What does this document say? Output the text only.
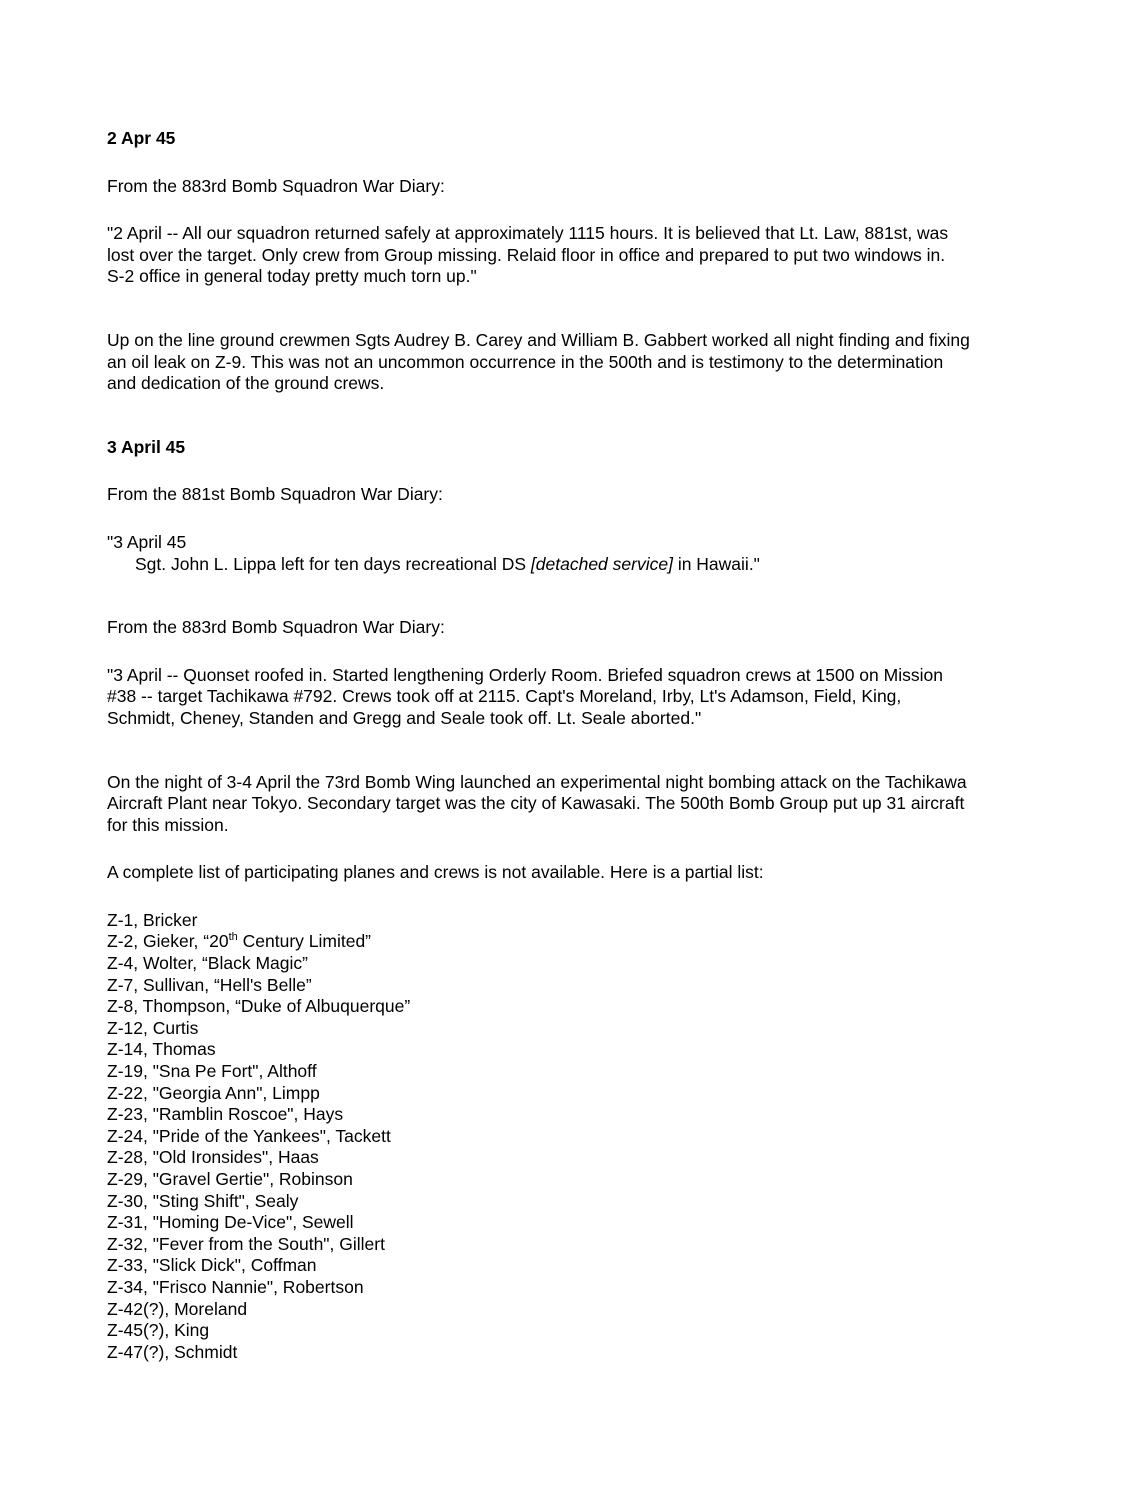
2 Apr 45

From the 883rd Bomb Squadron War Diary:

"2 April -- All our squadron returned safely at approximately 1115 hours. It is believed that Lt. Law, 881st, was

lost over the target. Only crew from Group missing. Relaid floor in office and prepared to put two windows in.

S-2 office in general today pretty much torn up."

Up on the line ground crewmen Sgts Audrey B. Carey and William B. Gabbert worked all night finding and fixing

an oil leak on Z-9. This was not an uncommon occurrence in the 500th and is testimony to the determination

and dedication of the ground crews.

3 April 45

From the 881st Bomb Squadron War Diary:

"3 April 45

Sgt. John L. Lippa left for ten days recreational DS [detached service] in Hawaii."

From the 883rd Bomb Squadron War Diary:

"3 April -- Quonset roofed in. Started lengthening Orderly Room. Briefed squadron crews at 1500 on Mission

#38 -- target Tachikawa #792. Crews took off at 2115. Capt's Moreland, Irby, Lt's Adamson, Field, King,

Schmidt, Cheney, Standen and Gregg and Seale took off. Lt. Seale aborted."

On the night of 3-4 April the 73rd Bomb Wing launched an experimental night bombing attack on the Tachikawa

Aircraft Plant near Tokyo. Secondary target was the city of Kawasaki. The 500th Bomb Group put up 31 aircraft

for this mission.

A complete list of participating planes and crews is not available. Here is a partial list:

Z-1, Bricker
Z-2, Gieker, “20th Century Limited”
Z-4, Wolter, “Black Magic”
Z-7, Sullivan, “Hell's Belle”
Z-8, Thompson, “Duke of Albuquerque”
Z-12, Curtis
Z-14, Thomas
Z-19, "Sna Pe Fort", Althoff
Z-22, "Georgia Ann", Limpp
Z-23, "Ramblin Roscoe", Hays
Z-24, "Pride of the Yankees", Tackett
Z-28, "Old Ironsides", Haas
Z-29, "Gravel Gertie", Robinson
Z-30, "Sting Shift", Sealy
Z-31, "Homing De-Vice", Sewell
Z-32, "Fever from the South", Gillert
Z-33, "Slick Dick", Coffman
Z-34, "Frisco Nannie", Robertson
Z-42(?), Moreland
Z-45(?), King
Z-47(?), Schmidt
